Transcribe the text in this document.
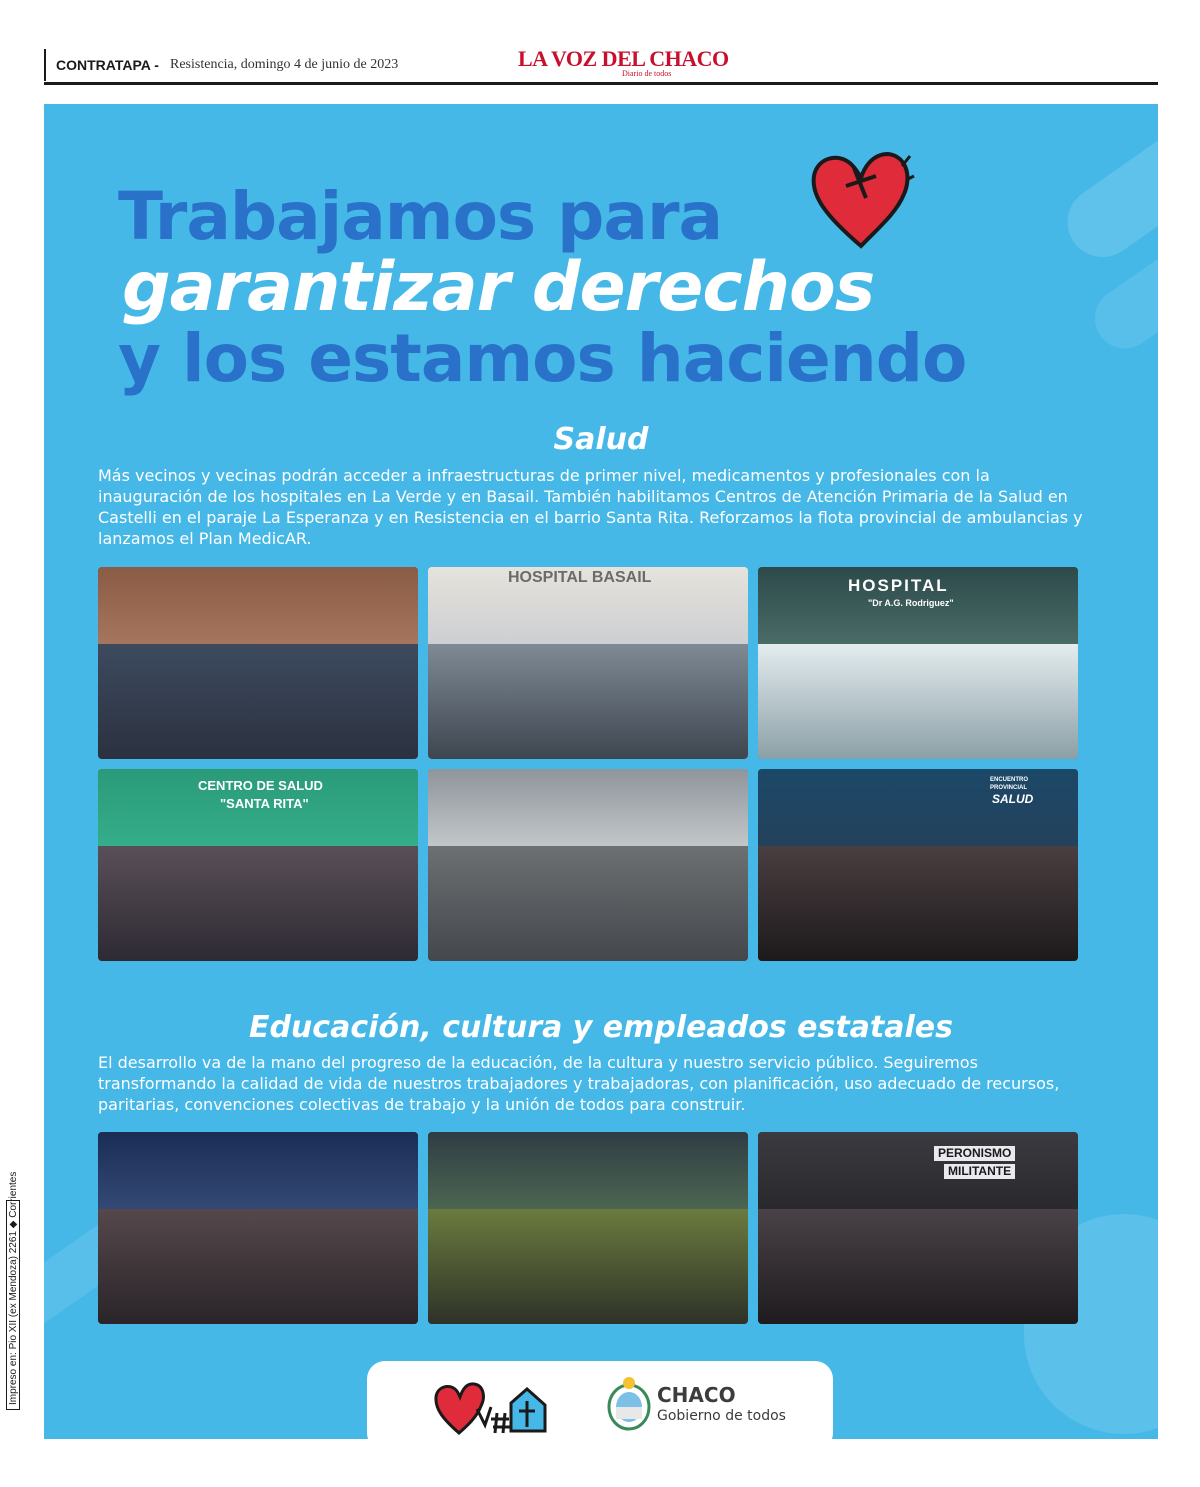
CONTRATAPA - Resistencia, domingo 4 de junio de 2023	LA VOZ DEL CHACO
Diario de todos
Impreso en: Pio XII (ex Mendoza) 2261 ◆ Corrientes
Trabajamos para
garantizar derechos
y los estamos haciendo
Salud
Más vecinos y vecinas podrán acceder a infraestructuras de primer nivel, medicamentos y profesionales con la inauguración de los hospitales en La Verde y en Basail. También habilitamos Centros de Atención Primaria de la Salud en Castelli en el paraje La Esperanza y en Resistencia en el barrio Santa Rita. Reforzamos la flota provincial de ambulancias y lanzamos el Plan MedicAR.
HOSPITAL BASAIL	HOSPITAL
"Dr A.G. Rodriguez"
CENTRO DE SALUD
"SANTA RITA"
ENCUENTRO
PROVINCIAL
SALUD
Educación, cultura y empleados estatales
El desarrollo va de la mano del progreso de la educación, de la cultura y nuestro servicio público. Seguiremos transformando la calidad de vida de nuestros trabajadores y trabajadoras, con planificación, uso adecuado de recursos, paritarias, convenciones colectivas de trabajo y la unión de todos para construir.
PERONISMO
MILITANTE
CHACO
Gobierno de todos
